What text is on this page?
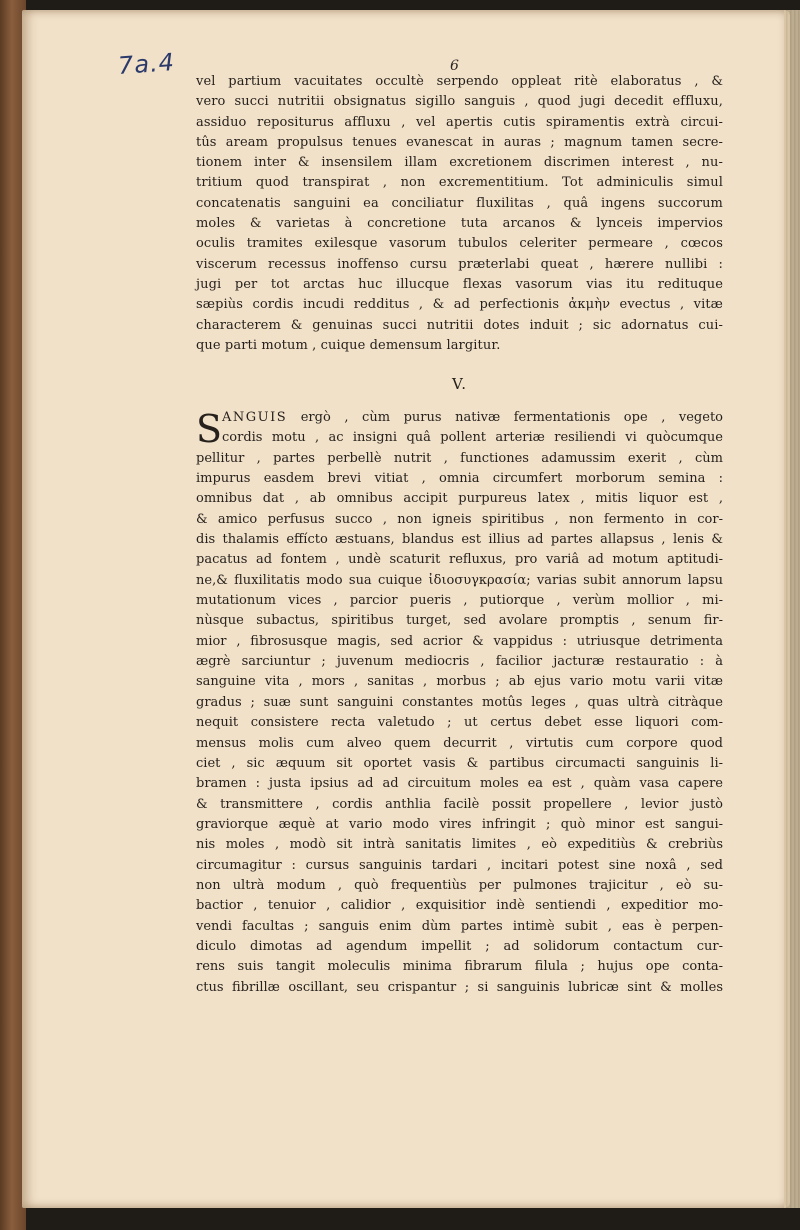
7a.4	6
vel partium vacuitates occultè serpendo oppleat ritè elaboratus , &
vero succi nutritii obsignatus sigillo sanguis , quod jugi decedit effluxu,
assiduo repositurus affluxu , vel apertis cutis spiramentis extrà circui-
tûs aream propulsus tenues evanescat in auras ; magnum tamen secre-
tionem inter & insensilem illam excretionem discrimen interest , nu-
tritium quod transpirat , non excrementitium. Tot adminiculis simul
concatenatis sanguini ea conciliatur fluxilitas , quâ ingens succorum
moles & varietas à concretione tuta arcanos & lynceis impervios
oculis tramites exilesque vasorum tubulos celeriter permeare , cœcos
viscerum recessus inoffenso cursu præterlabi queat , hærere nullibi :
jugi per tot arctas huc illucque flexas vasorum vias itu redituque
sæpiùs cordis incudi redditus , & ad perfectionis ἀκμὴν evectus , vitæ
characterem & genuinas succi nutritii dotes induit ; sic adornatus cui-
que parti motum , cuique demensum largitur.
V.
S ANGUIS ergò , cùm purus nativæ fermentationis ope , vegeto
cordis motu , ac insigni quâ pollent arteriæ resiliendi vi quòcumque
pellitur , partes perbellè nutrit , functiones adamussim exerit , cùm
impurus easdem brevi vitiat , omnia circumfert morborum semina :
omnibus dat , ab omnibus accipit purpureus latex , mitis liquor est ,
& amico perfusus succo , non igneis spiritibus , non fermento in cor-
dis thalamis effícto æstuans, blandus est illius ad partes allapsus , lenis &
pacatus ad fontem , undè scaturit refluxus, pro variâ ad motum aptitudi-
ne,& fluxilitatis modo sua cuique ἰδιοσυγκρασία; varias subit annorum lapsu
mutationum vices , parcior pueris , putiorque , verùm mollior , mi-
nùsque subactus, spiritibus turget, sed avolare promptis , senum fir-
mior , fibrosusque magis, sed acrior & vappidus : utriusque detrimenta
ægrè sarciuntur ; juvenum mediocris , facilior jacturæ restauratio : à
sanguine vita , mors , sanitas , morbus ; ab ejus vario motu varii vitæ
gradus ; suæ sunt sanguini constantes motûs leges , quas ultrà citràque
nequit consistere recta valetudo ; ut certus debet esse liquori com-
mensus molis cum alveo quem decurrit , virtutis cum corpore quod
ciet , sic æquum sit oportet vasis & partibus circumacti sanguinis li-
bramen : justa ipsius ad ad circuitum moles ea est , quàm vasa capere
& transmittere , cordis anthlia facilè possit propellere , levior justò
graviorque æquè at vario modo vires infringit ; quò minor est sangui-
nis moles , modò sit intrà sanitatis limites , eò expeditiùs & crebriùs
circumagitur : cursus sanguinis tardari , incitari potest sine noxâ , sed
non ultrà modum , quò frequentiùs per pulmones trajicitur , eò su-
bactior , tenuior , calidior , exquisitior indè sentiendi , expeditior mo-
vendi facultas ; sanguis enim dùm partes intimè subit , eas è perpen-
diculo dimotas ad agendum impellit ; ad solidorum contactum cur-
rens suis tangit moleculis minima fibrarum filula ; hujus ope conta-
ctus fibrillæ oscillant, seu crispantur ; si sanguinis lubricæ sint & molles
